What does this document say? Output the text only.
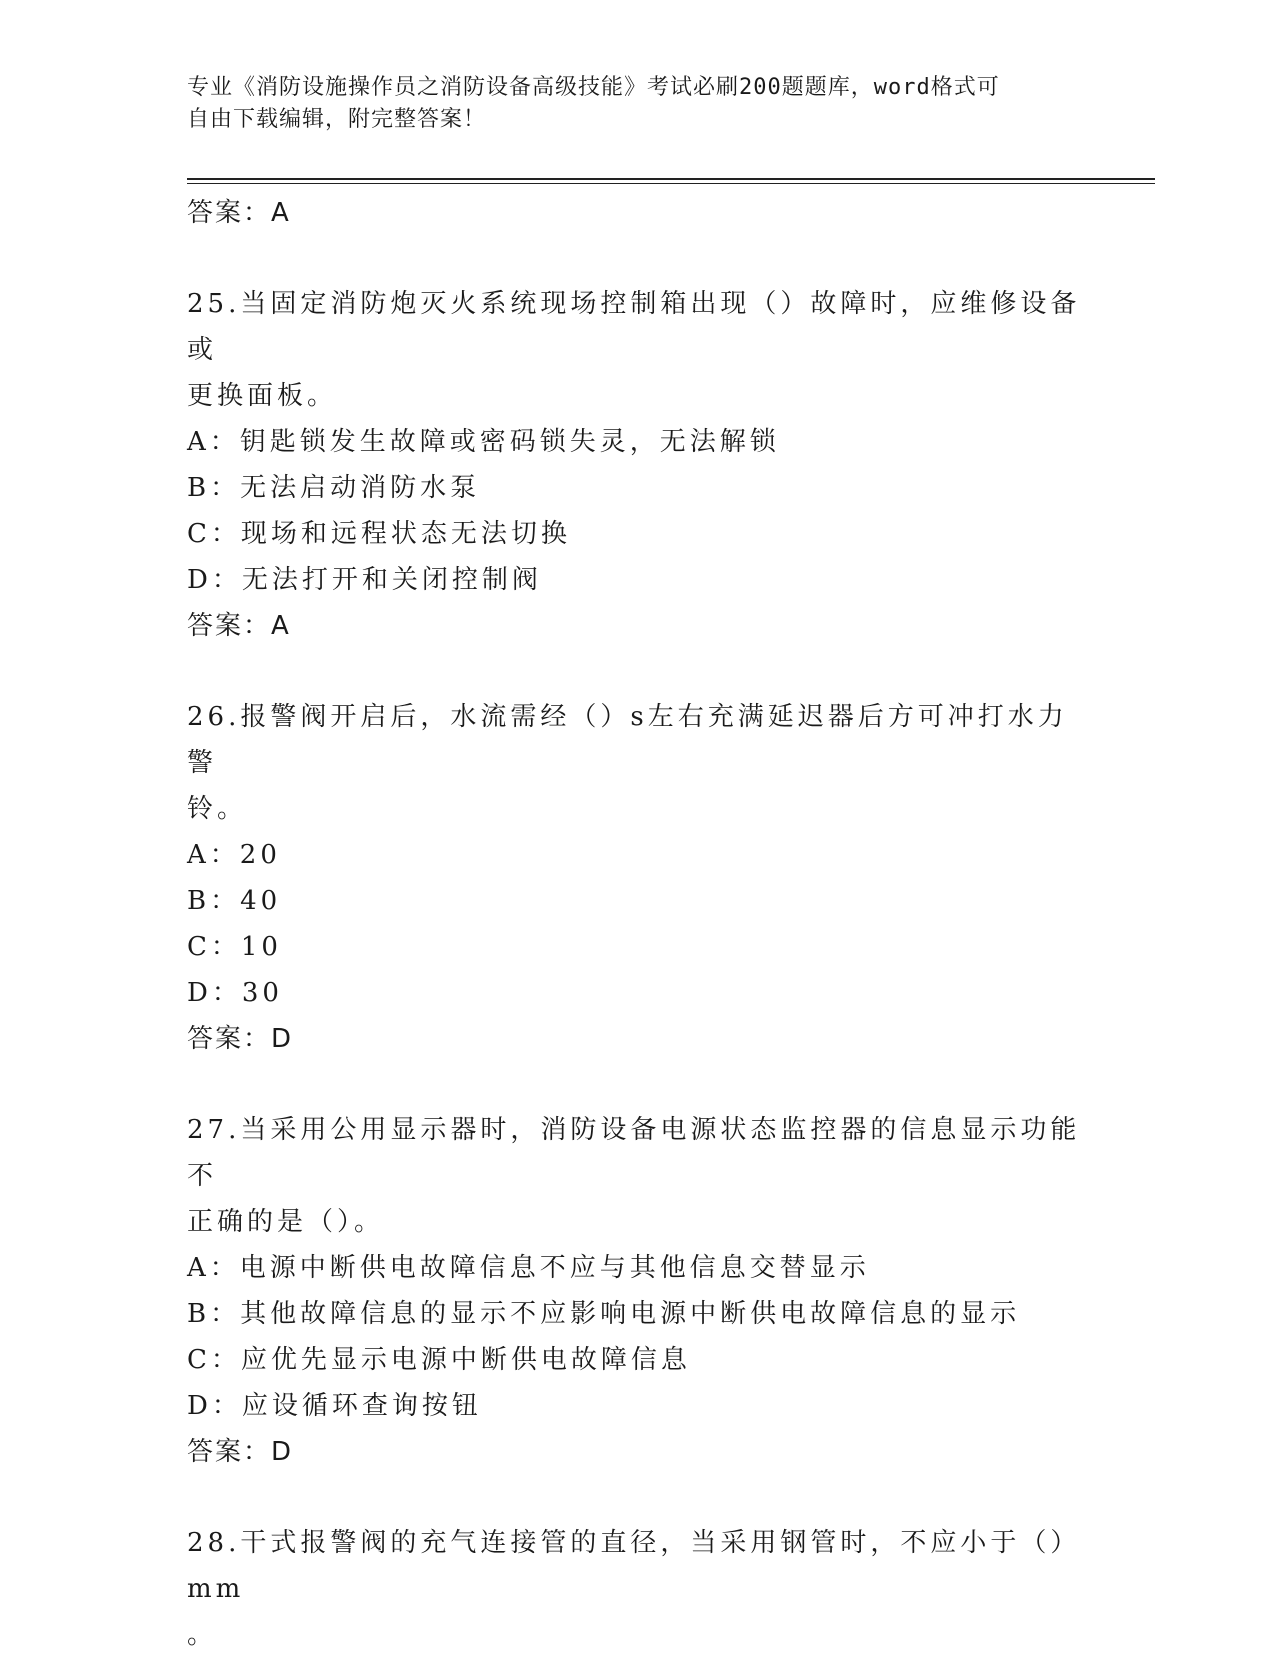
专业《消防设施操作员之消防设备高级技能》考试必刷200题题库，word格式可
自由下载编辑，附完整答案！
答案：A
25.当固定消防炮灭火系统现场控制箱出现（）故障时，应维修设备或
更换面板。
A：钥匙锁发生故障或密码锁失灵，无法解锁
B：无法启动消防水泵
C：现场和远程状态无法切换
D：无法打开和关闭控制阀
答案：A
26.报警阀开启后，水流需经（）s左右充满延迟器后方可冲打水力警
铃。
A：20
B：40
C：10
D：30
答案：D
27.当采用公用显示器时，消防设备电源状态监控器的信息显示功能不
正确的是（）。
A：电源中断供电故障信息不应与其他信息交替显示
B：其他故障信息的显示不应影响电源中断供电故障信息的显示
C：应优先显示电源中断供电故障信息
D：应设循环查询按钮
答案：D
28.干式报警阀的充气连接管的直径，当采用钢管时，不应小于（）mm
。
